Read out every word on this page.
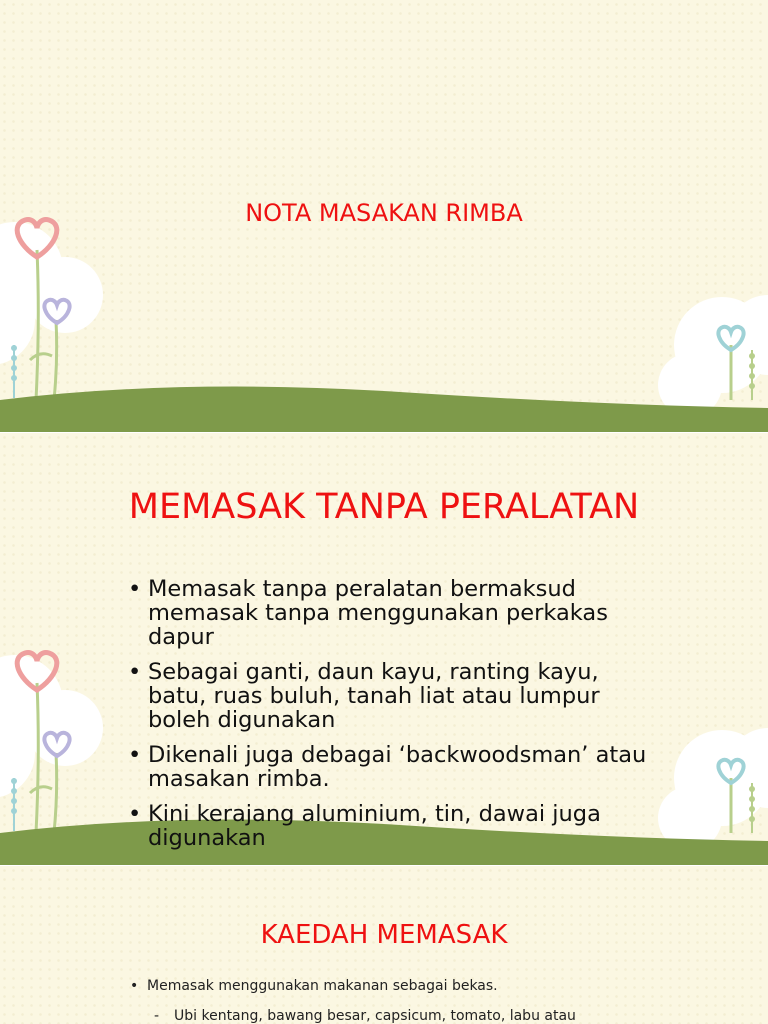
NOTA MASAKAN RIMBA
MEMASAK TANPA PERALATAN
• Memasak tanpa peralatan bermaksud memasak tanpa menggunakan perkakas dapur
• Sebagai ganti, daun kayu, ranting kayu, batu, ruas buluh, tanah liat atau lumpur boleh digunakan
• Dikenali juga debagai ‘backwoodsman’ atau masakan rimba.
• Kini kerajang aluminium, tin, dawai juga digunakan
KAEDAH MEMASAK
• Memasak menggunakan makanan sebagai bekas.
- Ubi kentang, bawang besar, capsicum, tomato, labu atau
